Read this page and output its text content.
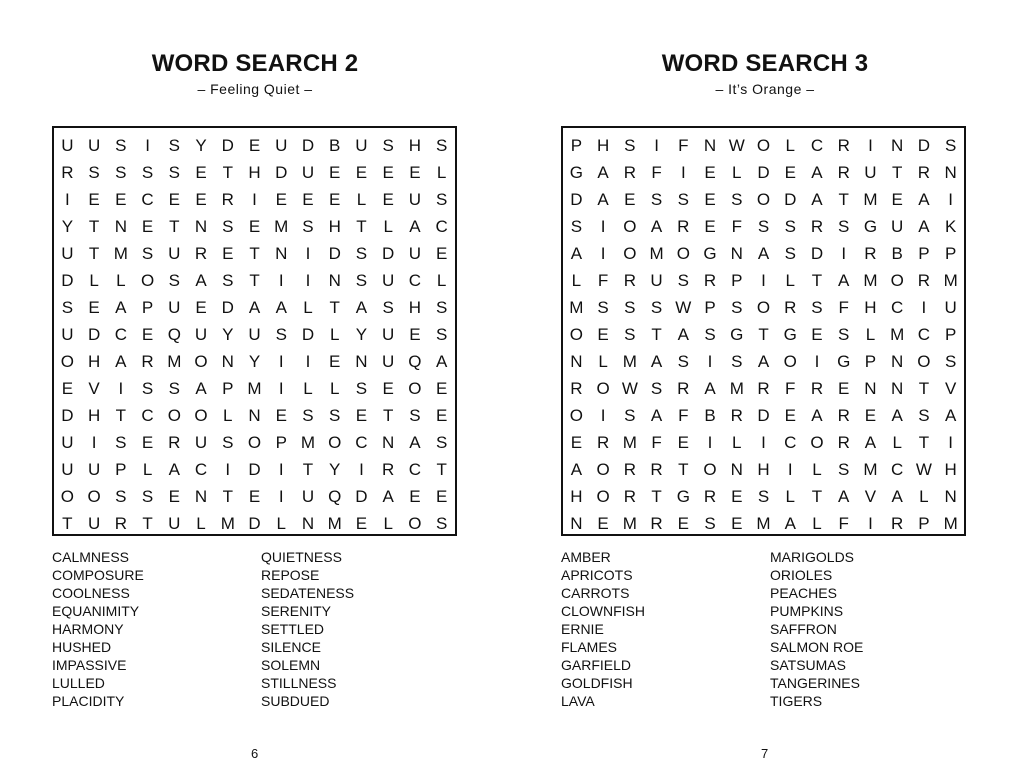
WORD SEARCH 2
– Feeling Quiet –
U U S	I	S Y D E U D B U S H S
R S S S S E T H D U E E E E L
I	E E C E E R	I	E E E L E U S
Y T N E T N S E M S H T L A C
U T M S U R E T N	I	D S D U E
D L	L O S A S T	I	I	N S U C L
S E A P U E D A A L T A S H S
U D C E Q U Y U S D L Y U E S
O H A R M O N Y	I	I	E N U Q A
E V	I	S S A P M	I	L	L S E O E
D H T C O O L N E S S E T S E
U	I	S E R U S O P M O C N A S
U U P L A C	I	D	I	T Y	I	R C T
O O S S E N T E	I	U Q D A E E
T U R T U L M D L N M E L O S
CALMNESS
COMPOSURE
COOLNESS
EQUANIMITY
HARMONY
HUSHED
IMPASSIVE
LULLED
PLACIDITY
QUIETNESS
REPOSE
SEDATENESS
SERENITY
SETTLED
SILENCE
SOLEMN
STILLNESS
SUBDUED
6
WORD SEARCH 3
– It’s Orange –
P H S	I	F N W O L C R	I	N D S
G A R F	I	E L D E A R U T R N
D A E S S E S O D A T M E A	I
S	I	O A R E F S S R S G U A K
A	I	O M O G N A S D	I	R B P P
L F R U S R P	I	L T A M O R M
M S S S W P S O R S F H C	I	U
O E S T A S G T G E S L M C P
N L M A S	I	S A O	I	G P N O S
R O W S R A M R F R E N N T V
O	I	S A F B R D E A R E A S A
E R M F E	I	L	I	C O R A L T	I
A O R R T O N H	I	L S M C W H
H O R T G R E S L T A V A L N
N E M R E S E M A L F	I	R P M
AMBER
APRICOTS
CARROTS
CLOWNFISH
ERNIE
FLAMES
GARFIELD
GOLDFISH
LAVA
MARIGOLDS
ORIOLES
PEACHES
PUMPKINS
SAFFRON
SALMON ROE
SATSUMAS
TANGERINES
TIGERS
7
